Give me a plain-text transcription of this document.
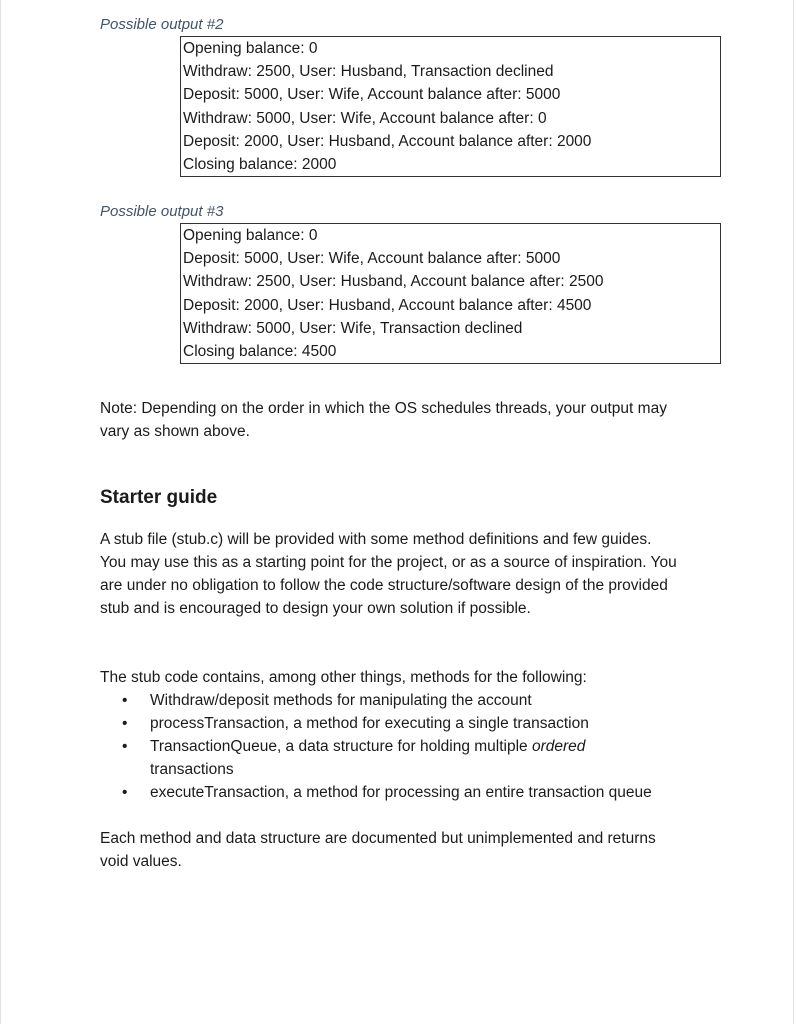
Possible output #2
Opening balance: 0
Withdraw: 2500, User: Husband, Transaction declined
Deposit: 5000, User: Wife, Account balance after: 5000
Withdraw: 5000, User: Wife, Account balance after: 0
Deposit: 2000, User: Husband, Account balance after: 2000
Closing balance: 2000
Possible output #3
Opening balance: 0
Deposit: 5000, User: Wife, Account balance after: 5000
Withdraw: 2500, User: Husband, Account balance after: 2500
Deposit: 2000, User: Husband, Account balance after: 4500
Withdraw: 5000, User: Wife, Transaction declined
Closing balance: 4500

Note: Depending on the order in which the OS schedules threads, your output may vary as shown above.

Starter guide

A stub file (stub.c) will be provided with some method definitions and few guides. You may use this as a starting point for the project, or as a source of inspiration. You are under no obligation to follow the code structure/software design of the provided stub and is encouraged to design your own solution if possible.

The stub code contains, among other things, methods for the following:

• Withdraw/deposit methods for manipulating the account
• processTransaction, a method for executing a single transaction
• TransactionQueue, a data structure for holding multiple ordered transactions
• executeTransaction, a method for processing an entire transaction queue

Each method and data structure are documented but unimplemented and returns void values.
